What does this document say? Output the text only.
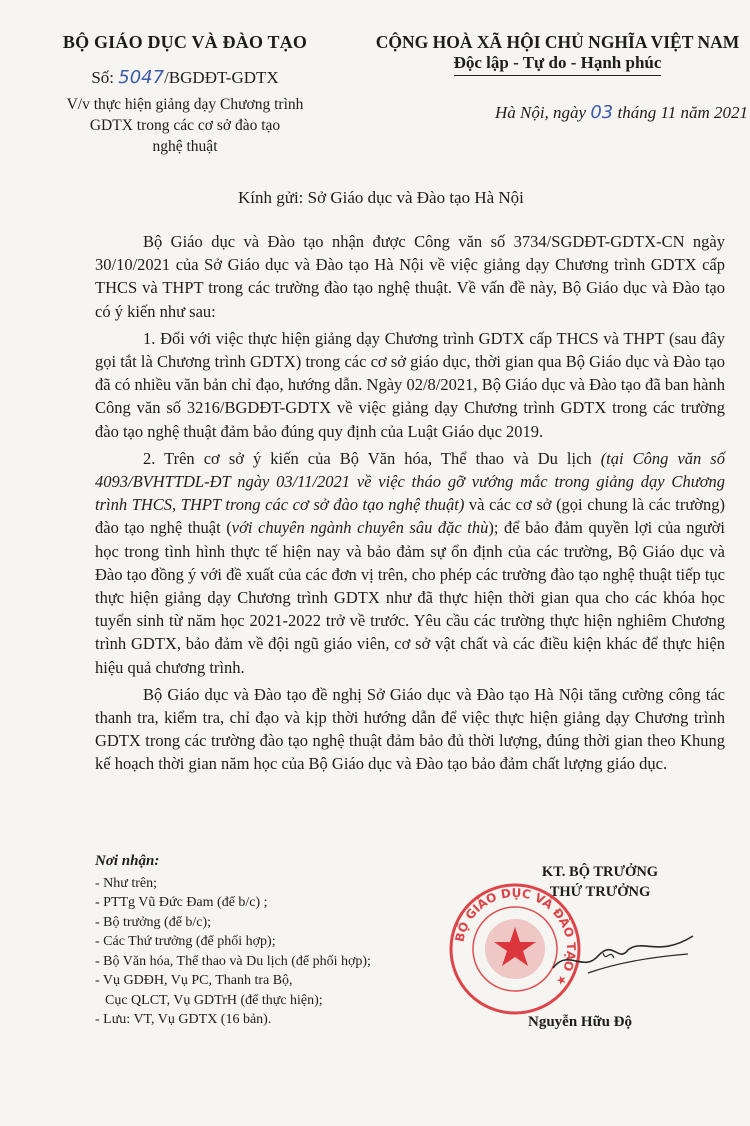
BỘ GIÁO DỤC VÀ ĐÀO TẠO
Số: 5047/BGDĐT-GDTX
V/v thực hiện giảng dạy Chương trình
GDTX trong các cơ sở đào tạo
nghệ thuật
CỘNG HOÀ XÃ HỘI CHỦ NGHĨA VIỆT NAM
Độc lập - Tự do - Hạnh phúc
Hà Nội, ngày 03 tháng 11 năm 2021
Kính gửi: Sở Giáo dục và Đào tạo Hà Nội

Bộ Giáo dục và Đào tạo nhận được Công văn số 3734/SGDĐT-GDTX-CN ngày 30/10/2021 của Sở Giáo dục và Đào tạo Hà Nội về việc giảng dạy Chương trình GDTX cấp THCS và THPT trong các trường đào tạo nghệ thuật. Về vấn đề này, Bộ Giáo dục và Đào tạo có ý kiến như sau:

1. Đối với việc thực hiện giảng dạy Chương trình GDTX cấp THCS và THPT (sau đây gọi tắt là Chương trình GDTX) trong các cơ sở giáo dục, thời gian qua Bộ Giáo dục và Đào tạo đã có nhiều văn bản chỉ đạo, hướng dẫn. Ngày 02/8/2021, Bộ Giáo dục và Đào tạo đã ban hành Công văn số 3216/BGDĐT-GDTX về việc giảng dạy Chương trình GDTX trong các trường đào tạo nghệ thuật đảm bảo đúng quy định của Luật Giáo dục 2019.

2. Trên cơ sở ý kiến của Bộ Văn hóa, Thể thao và Du lịch (tại Công văn số 4093/BVHTTDL-ĐT ngày 03/11/2021 về việc tháo gỡ vướng mắc trong giảng dạy Chương trình THCS, THPT trong các cơ sở đào tạo nghệ thuật) và các cơ sở (gọi chung là các trường) đào tạo nghệ thuật (với chuyên ngành chuyên sâu đặc thù); để bảo đảm quyền lợi của người học trong tình hình thực tế hiện nay và bảo đảm sự ổn định của các trường, Bộ Giáo dục và Đào tạo đồng ý với đề xuất của các đơn vị trên, cho phép các trường đào tạo nghệ thuật tiếp tục thực hiện giảng dạy Chương trình GDTX như đã thực hiện thời gian qua cho các khóa học tuyển sinh từ năm học 2021-2022 trở về trước. Yêu cầu các trường thực hiện nghiêm Chương trình GDTX, bảo đảm về đội ngũ giáo viên, cơ sở vật chất và các điều kiện khác để thực hiện hiệu quả chương trình.

Bộ Giáo dục và Đào tạo đề nghị Sở Giáo dục và Đào tạo Hà Nội tăng cường công tác thanh tra, kiểm tra, chỉ đạo và kịp thời hướng dẫn để việc thực hiện giảng dạy Chương trình GDTX trong các trường đào tạo nghệ thuật đảm bảo đủ thời lượng, đúng thời gian theo Khung kế hoạch thời gian năm học của Bộ Giáo dục và Đào tạo bảo đảm chất lượng giáo dục.

Nơi nhận:
- Như trên;
- PTTg Vũ Đức Đam (để b/c) ;
- Bộ trưởng (để b/c);
- Các Thứ trưởng (để phối hợp);
- Bộ Văn hóa, Thể thao và Du lịch (để phối hợp);
- Vụ GDĐH, Vụ PC, Thanh tra Bộ,
Cục QLCT, Vụ GDTrH (để thực hiện);
- Lưu: VT, Vụ GDTX (16 bản).
KT. BỘ TRƯỞNG
THỨ TRƯỞNG
BỘ GIÁO DỤC VÀ ĐÀO TẠO ★
Nguyễn Hữu Độ
